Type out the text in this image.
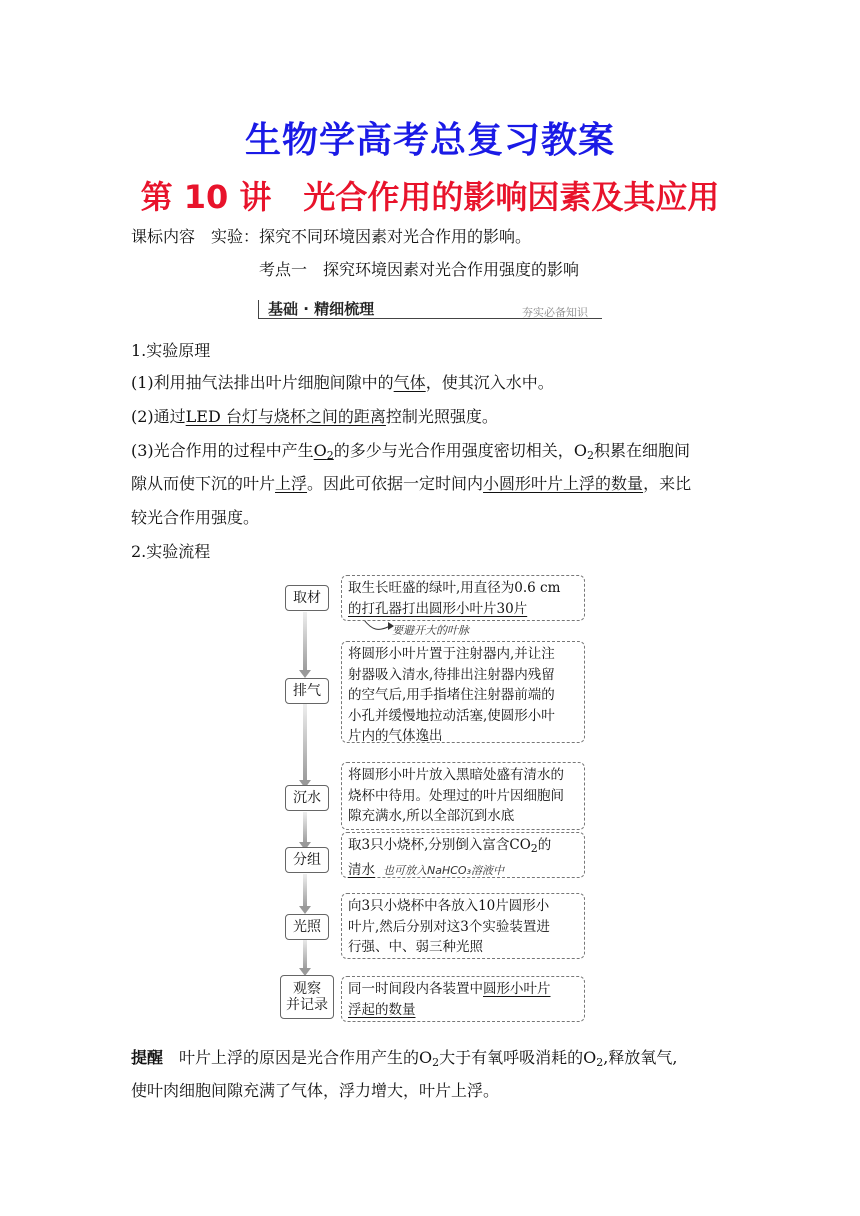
生物学高考总复习教案
第 10 讲　光合作用的影响因素及其应用
课标内容　实验：探究不同环境因素对光合作用的影响。
考点一　探究环境因素对光合作用强度的影响
基础 · 精细梳理	夯实必备知识
1.实验原理
(1)利用抽气法排出叶片细胞间隙中的气体，使其沉入水中。
(2)通过LED 台灯与烧杯之间的距离控制光照强度。
(3)光合作用的过程中产生$O_2$的多少与光合作用强度密切相关，$O_2$积累在细胞间
隙从而使下沉的叶片上浮。因此可依据一定时间内小圆形叶片上浮的数量，来比
较光合作用强度。
2.实验流程
取材
取生长旺盛的绿叶,用直径为0.6 cm
的打孔器打出圆形小叶片30片
要避开大的叶脉
排气
将圆形小叶片置于注射器内,并让注
射器吸入清水,待排出注射器内残留
的空气后,用手指堵住注射器前端的
小孔并缓慢地拉动活塞,使圆形小叶
片内的气体逸出
沉水
将圆形小叶片放入黑暗处盛有清水的
烧杯中待用。处理过的叶片因细胞间
隙充满水,所以全部沉到水底
分组
取3只小烧杯,分别倒入富含$CO_2$的
清水 也可放入NaHCO₃溶液中
光照
向3只小烧杯中各放入10片圆形小
叶片,然后分别对这3个实验装置进
行强、中、弱三种光照
观察
并记录
同一时间段内各装置中圆形小叶片
浮起的数量
提醒　叶片上浮的原因是光合作用产生的$O_2$大于有氧呼吸消耗的$O_2$,释放氧气,
使叶肉细胞间隙充满了气体，浮力增大，叶片上浮。
